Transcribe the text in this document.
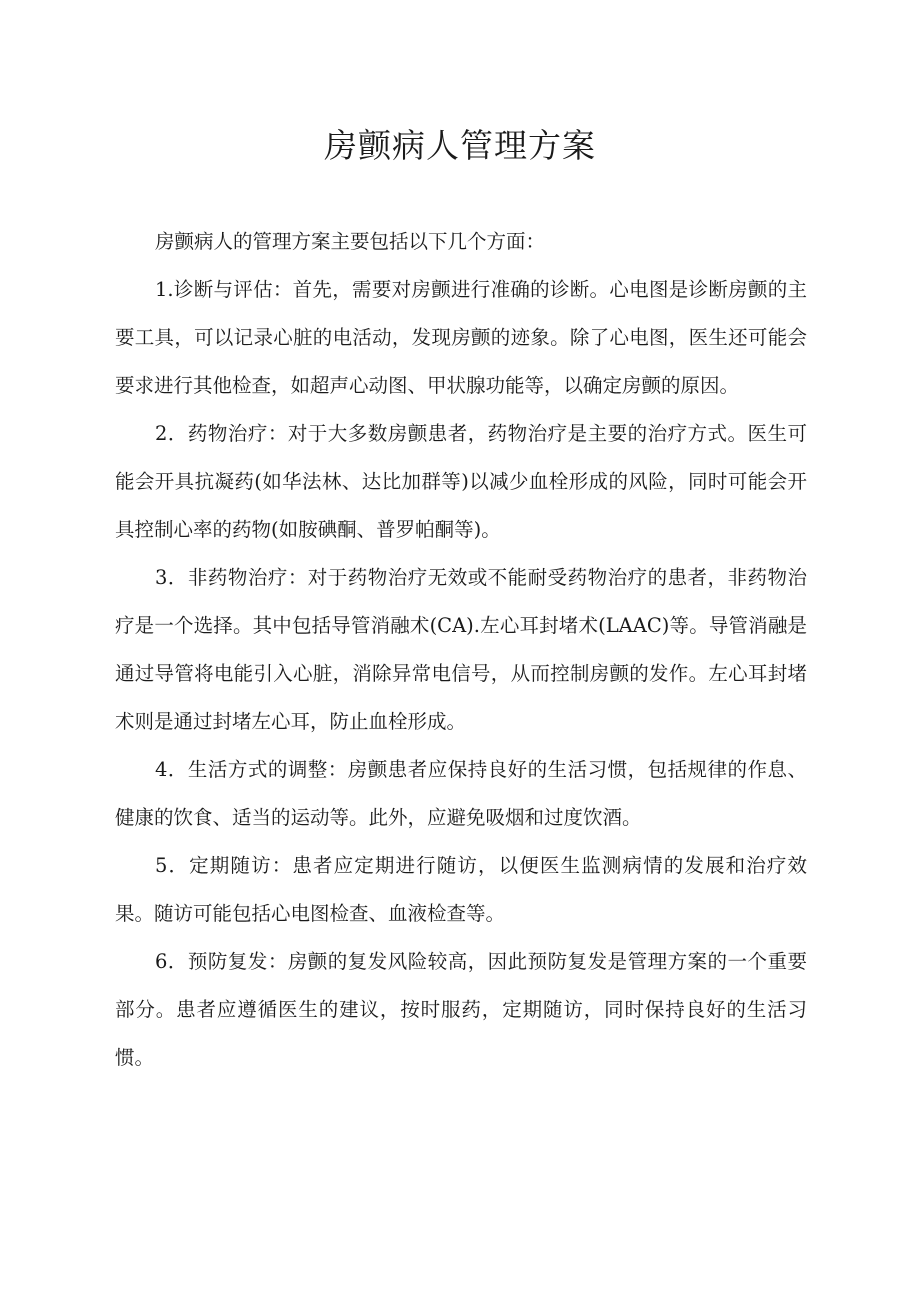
房颤病人管理方案

房颤病人的管理方案主要包括以下几个方面：

1.诊断与评估：首先，需要对房颤进行准确的诊断。心电图是诊断房颤的主要工具，可以记录心脏的电活动，发现房颤的迹象。除了心电图，医生还可能会要求进行其他检查，如超声心动图、甲状腺功能等，以确定房颤的原因。

2．药物治疗：对于大多数房颤患者，药物治疗是主要的治疗方式。医生可能会开具抗凝药(如华法林、达比加群等)以减少血栓形成的风险，同时可能会开具控制心率的药物(如胺碘酮、普罗帕酮等)。

3．非药物治疗：对于药物治疗无效或不能耐受药物治疗的患者，非药物治疗是一个选择。其中包括导管消融术(CA).左心耳封堵术(LAAC)等。导管消融是通过导管将电能引入心脏，消除异常电信号，从而控制房颤的发作。左心耳封堵术则是通过封堵左心耳，防止血栓形成。

4．生活方式的调整：房颤患者应保持良好的生活习惯，包括规律的作息、健康的饮食、适当的运动等。此外，应避免吸烟和过度饮酒。

5．定期随访：患者应定期进行随访，以便医生监测病情的发展和治疗效果。随访可能包括心电图检查、血液检查等。

6．预防复发：房颤的复发风险较高，因此预防复发是管理方案的一个重要部分。患者应遵循医生的建议，按时服药，定期随访，同时保持良好的生活习惯。
